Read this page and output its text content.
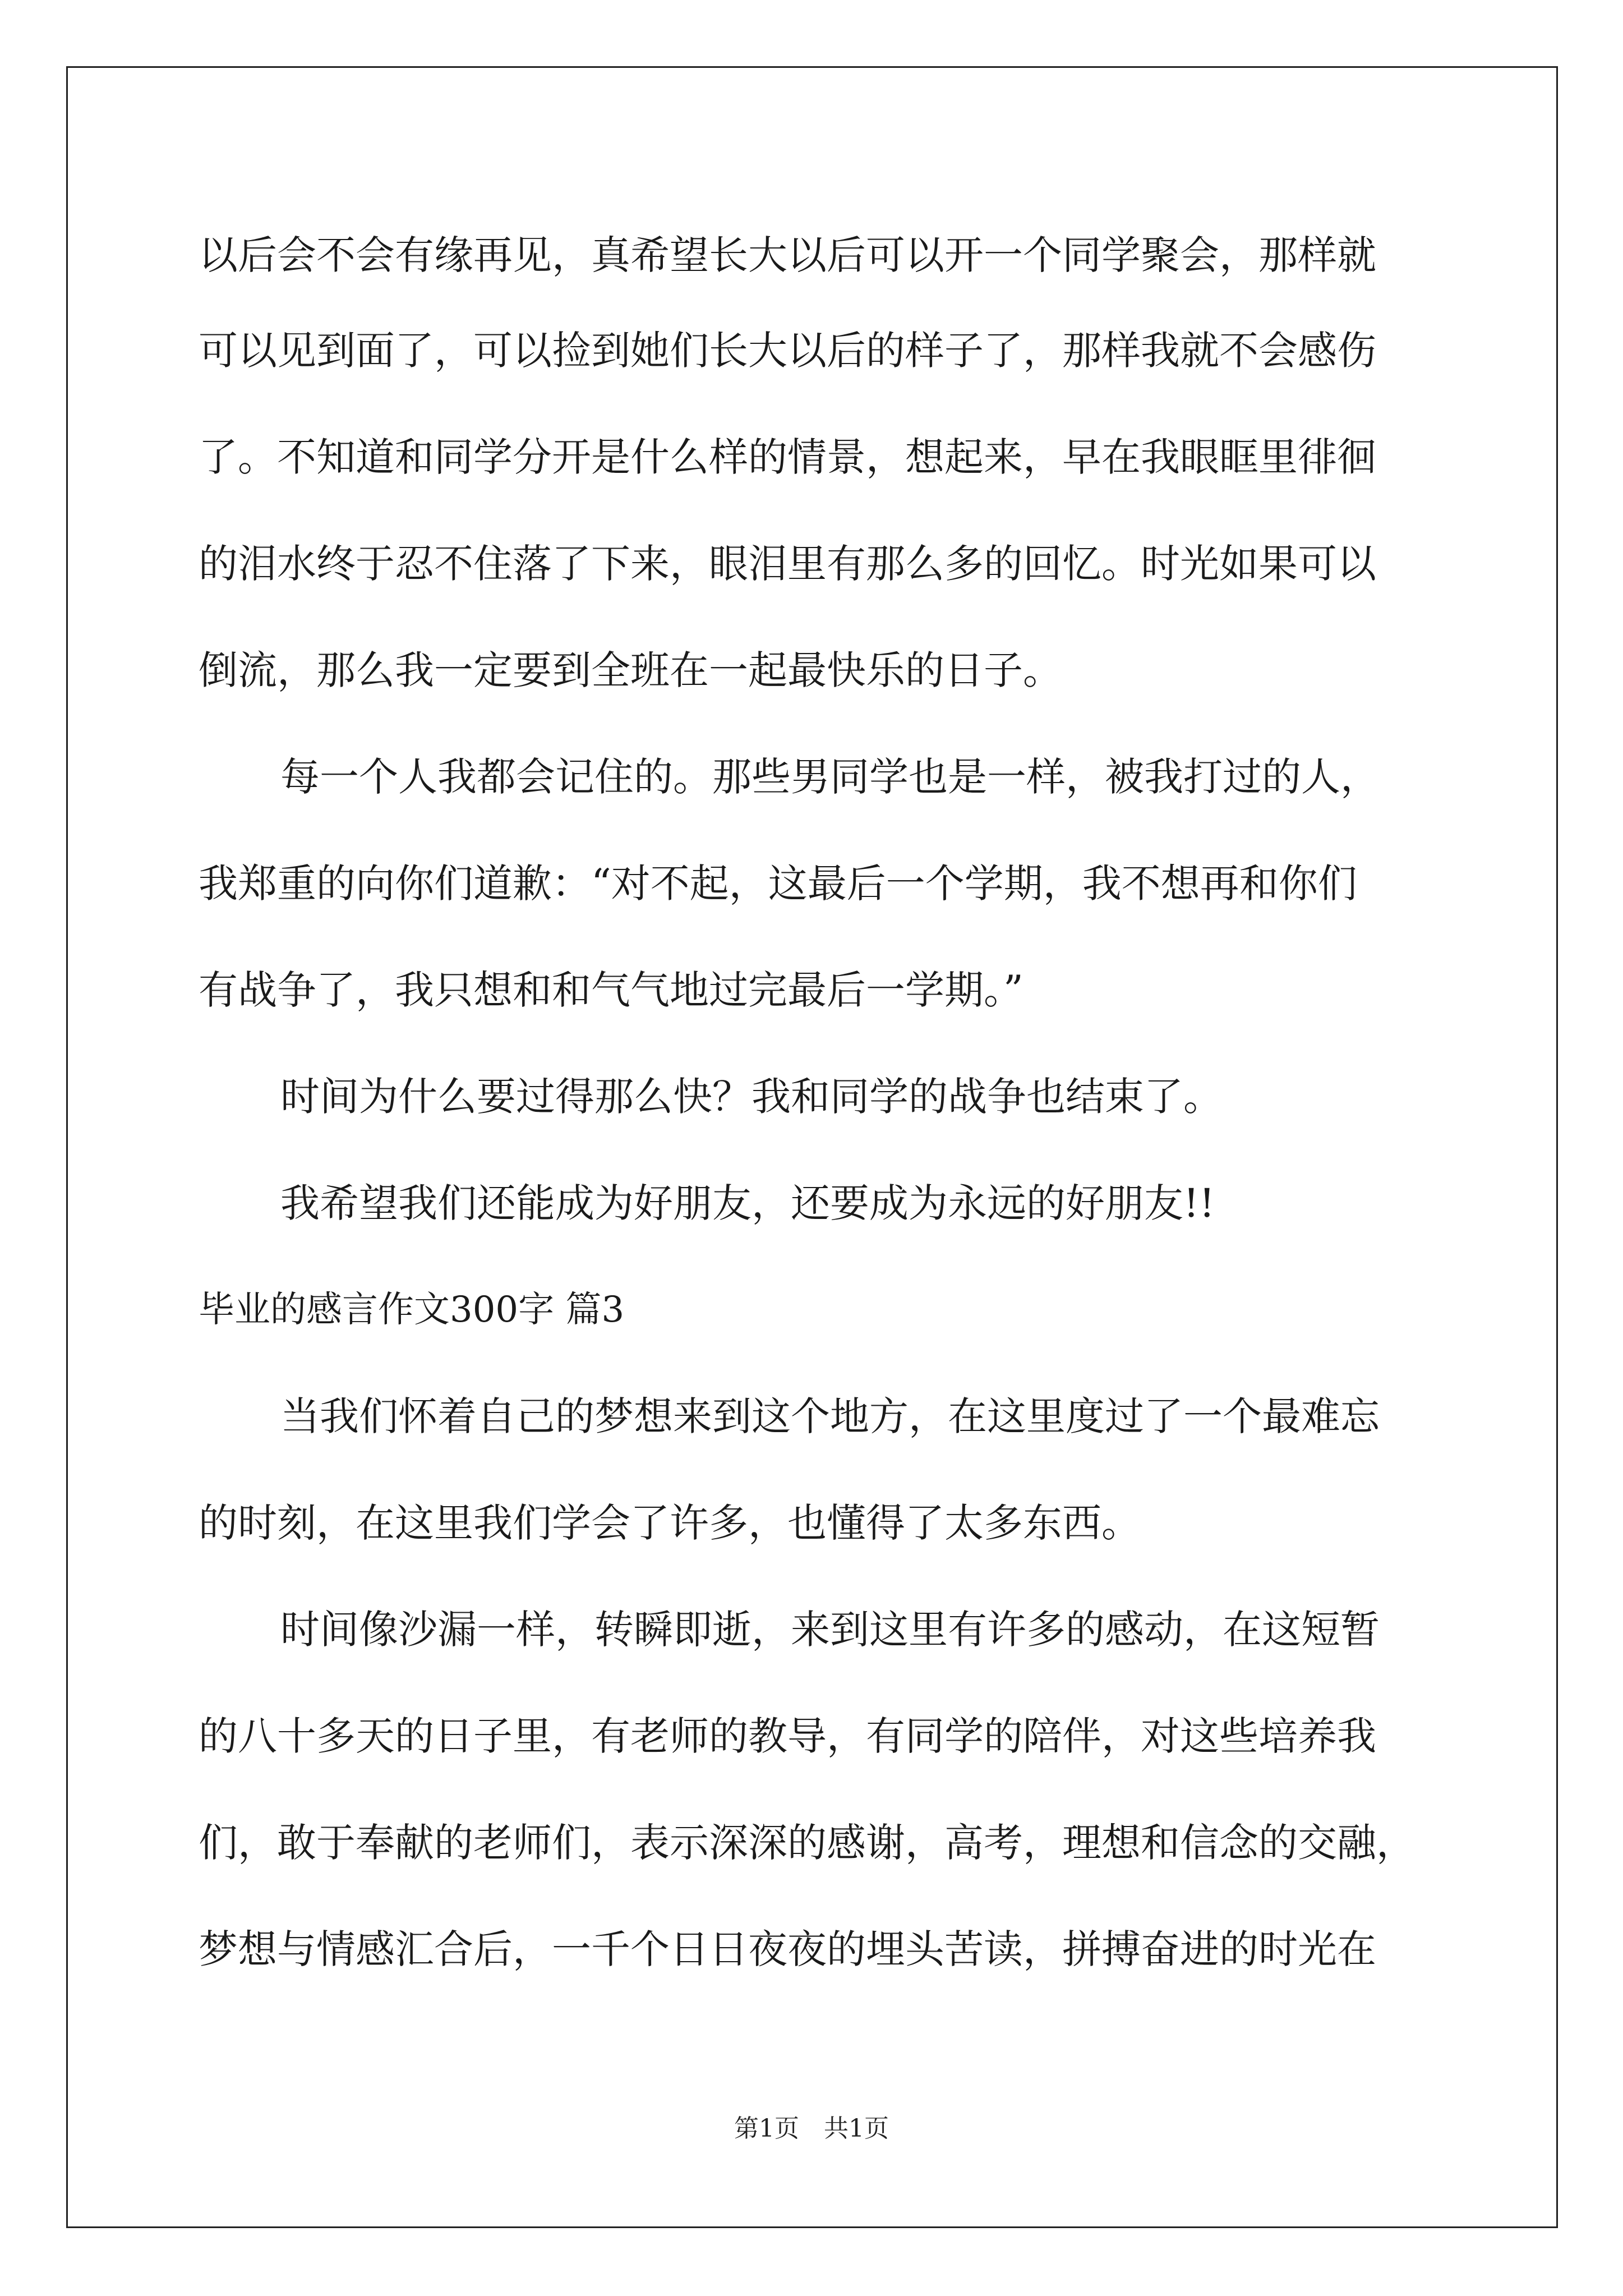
以后会不会有缘再见，真希望长大以后可以开一个同学聚会，那样就
可以见到面了，可以捡到她们长大以后的样子了，那样我就不会感伤
了。不知道和同学分开是什么样的情景，想起来，早在我眼眶里徘徊
的泪水终于忍不住落了下来，眼泪里有那么多的回忆。时光如果可以
倒流，那么我一定要到全班在一起最快乐的日子。
每一个人我都会记住的。那些男同学也是一样，被我打过的人，
我郑重的向你们道歉：“对不起，这最后一个学期，我不想再和你们
有战争了，我只想和和气气地过完最后一学期。”
时间为什么要过得那么快？我和同学的战争也结束了。
我希望我们还能成为好朋友，还要成为永远的好朋友!!
毕业的感言作文300字 篇3
当我们怀着自己的梦想来到这个地方，在这里度过了一个最难忘
的时刻，在这里我们学会了许多，也懂得了太多东西。
时间像沙漏一样，转瞬即逝，来到这里有许多的感动，在这短暂
的八十多天的日子里，有老师的教导，有同学的陪伴，对这些培养我
们，敢于奉献的老师们，表示深深的感谢，高考，理想和信念的交融，
梦想与情感汇合后，一千个日日夜夜的埋头苦读，拼搏奋进的时光在
第1页 共1页
